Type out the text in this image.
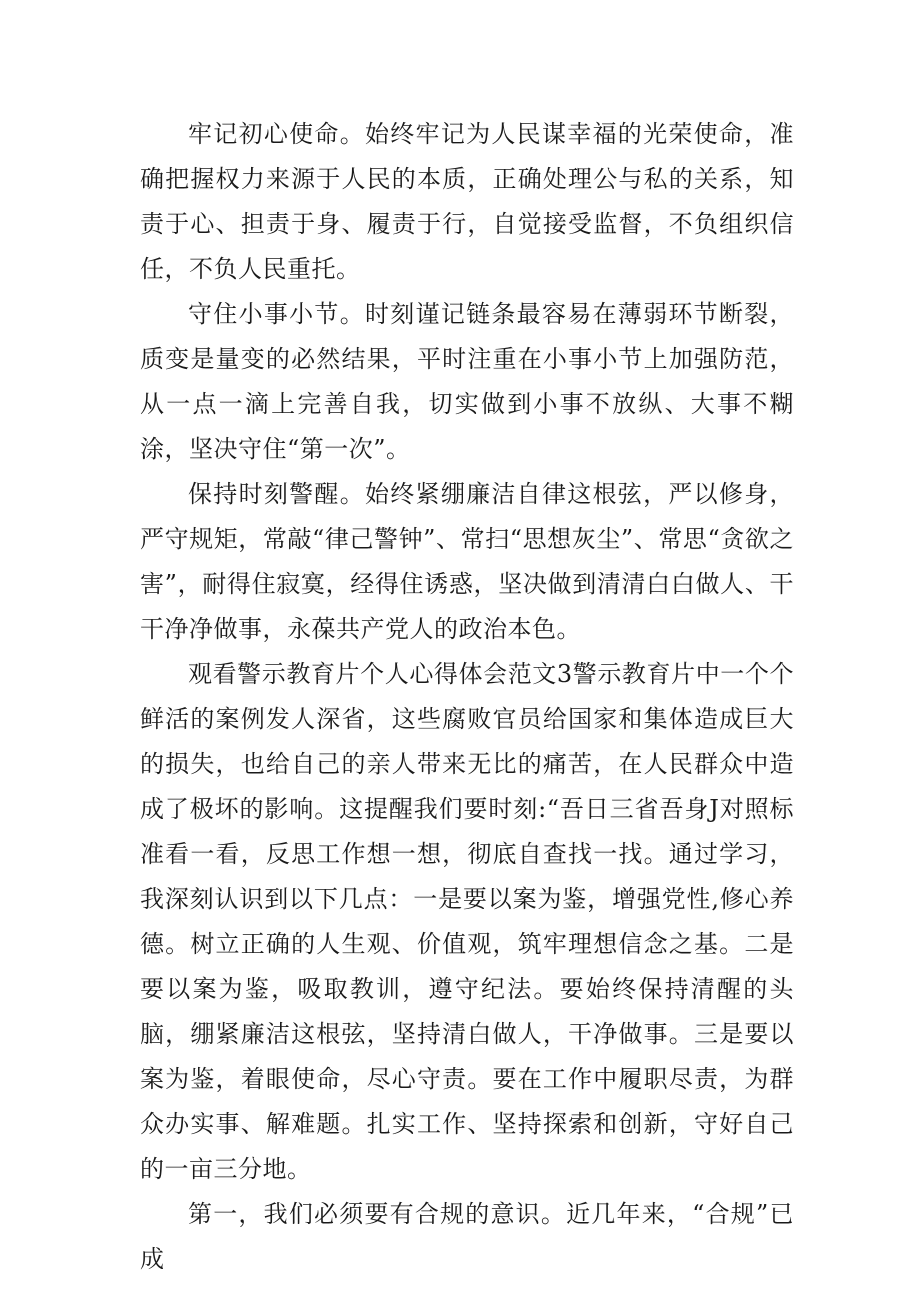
牢记初心使命。始终牢记为人民谋幸福的光荣使命，准确把握权力来源于人民的本质，正确处理公与私的关系，知责于心、担责于身、履责于行，自觉接受监督，不负组织信任，不负人民重托。

守住小事小节。时刻谨记链条最容易在薄弱环节断裂，质变是量变的必然结果，平时注重在小事小节上加强防范，从一点一滴上完善自我，切实做到小事不放纵、大事不糊涂，坚决守住“第一次”。

保持时刻警醒。始终紧绷廉洁自律这根弦，严以修身，严守规矩，常敲“律己警钟”、常扫“思想灰尘”、常思“贪欲之害”，耐得住寂寞，经得住诱惑，坚决做到清清白白做人、干干净净做事，永葆共产党人的政治本色。

观看警示教育片个人心得体会范文3警示教育片中一个个鲜活的案例发人深省，这些腐败官员给国家和集体造成巨大的损失，也给自己的亲人带来无比的痛苦，在人民群众中造成了极坏的影响。这提醒我们要时刻:“吾日三省吾身J对照标准看一看，反思工作想一想，彻底自查找一找。通过学习，我深刻认识到以下几点：一是要以案为鉴，增强党性,修心养德。树立正确的人生观、价值观，筑牢理想信念之基。二是要以案为鉴，吸取教训，遵守纪法。要始终保持清醒的头脑，绷紧廉洁这根弦，坚持清白做人，干净做事。三是要以案为鉴，着眼使命，尽心守责。要在工作中履职尽责，为群众办实事、解难题。扎实工作、坚持探索和创新，守好自己的一亩三分地。

第一，我们必须要有合规的意识。近几年来，“合规”已成
